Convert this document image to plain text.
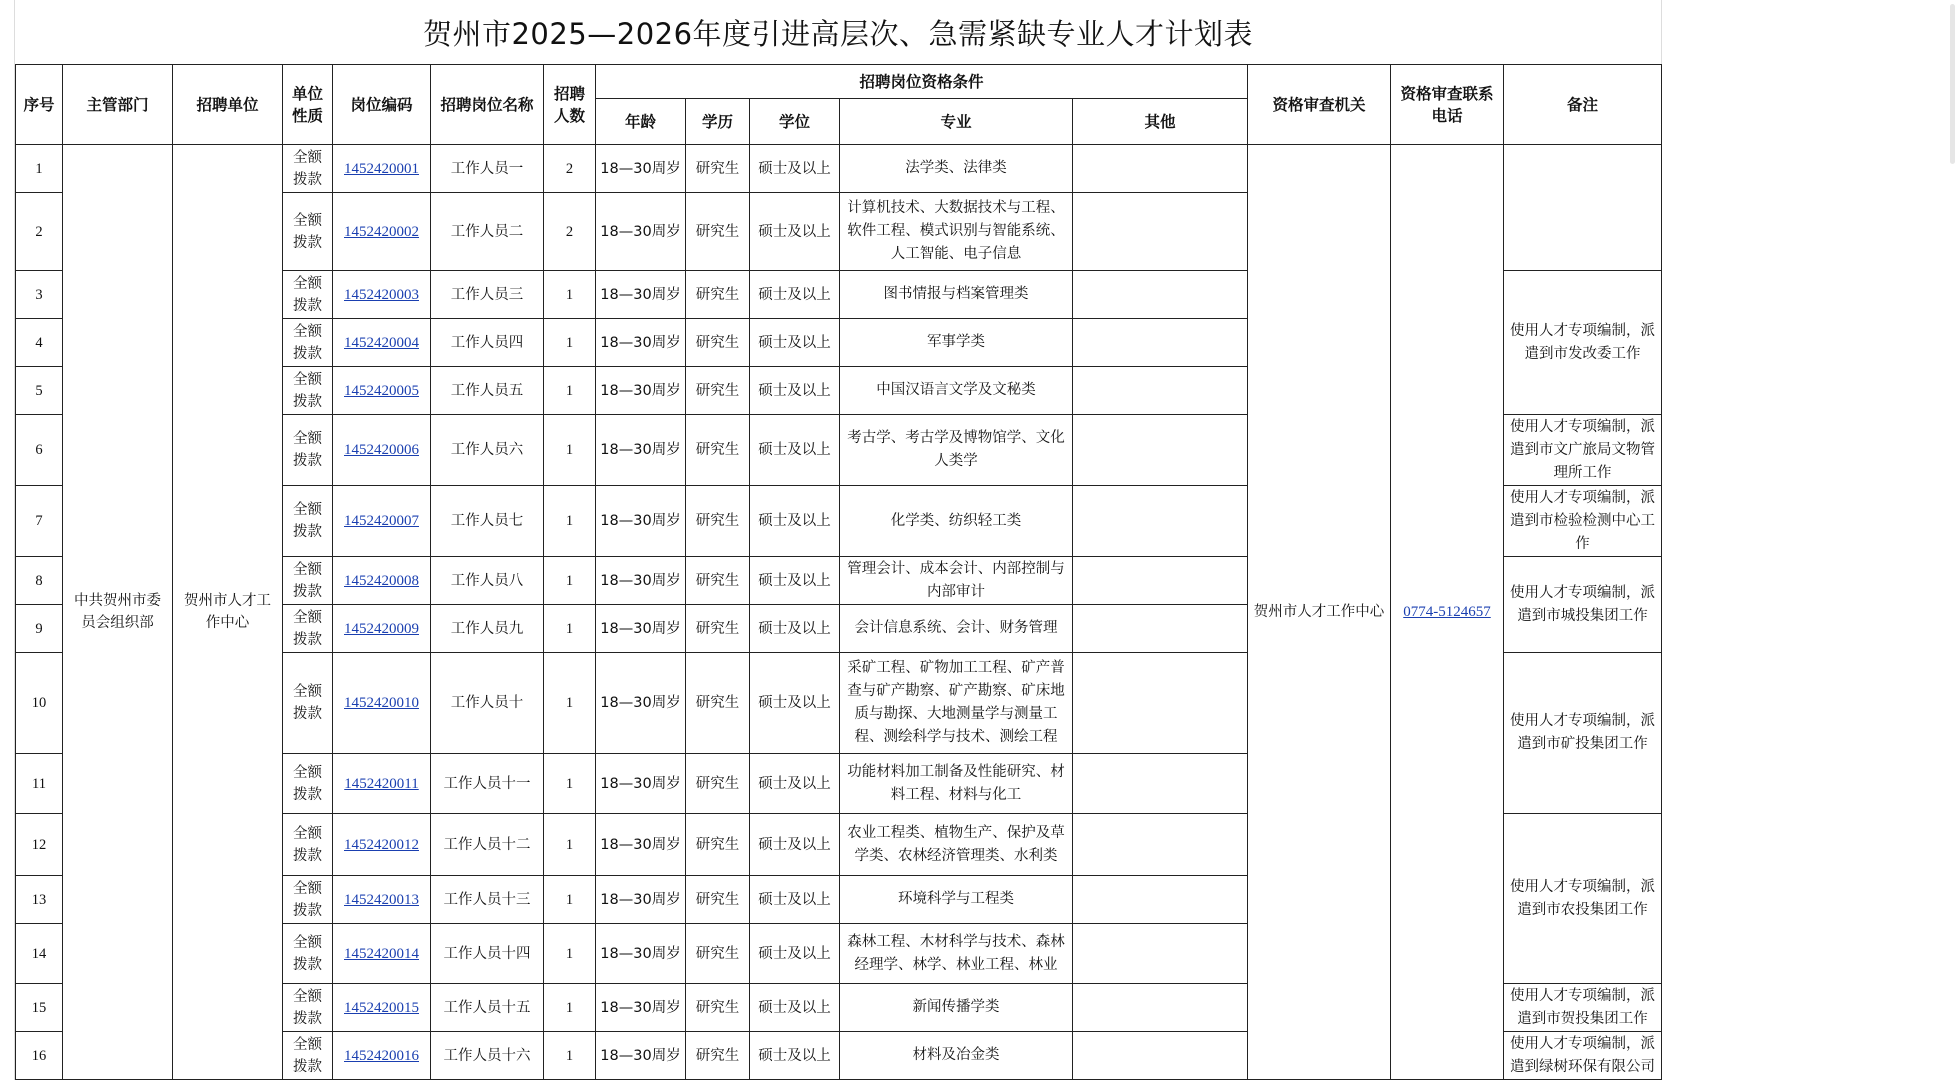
贺州市2025—2026年度引进高层次、急需紧缺专业人才计划表
序号	主管部门	招聘单位	单位性质	岗位编码	招聘岗位名称	招聘人数	招聘岗位资格条件					资格审查机关	资格审查联系电话	备注
							年龄	学历	学位	专业	其他			
1	中共贺州市委员会组织部	贺州市人才工作中心	全额拨款	1452420001	工作人员一	2	18—30周岁	研究生	硕士及以上	法学类、法律类		贺州市人才工作中心	0774-5124657	
2			全额拨款	1452420002	工作人员二	2	18—30周岁	研究生	硕士及以上	计算机技术、大数据技术与工程、软件工程、模式识别与智能系统、人工智能、电子信息				
3			全额拨款	1452420003	工作人员三	1	18—30周岁	研究生	硕士及以上	图书情报与档案管理类				使用人才专项编制，派遣到市发改委工作
4			全额拨款	1452420004	工作人员四	1	18—30周岁	研究生	硕士及以上	军事学类				
5			全额拨款	1452420005	工作人员五	1	18—30周岁	研究生	硕士及以上	中国汉语言文学及文秘类				
6			全额拨款	1452420006	工作人员六	1	18—30周岁	研究生	硕士及以上	考古学、考古学及博物馆学、文化人类学				使用人才专项编制，派遣到市文广旅局文物管理所工作
7			全额拨款	1452420007	工作人员七	1	18—30周岁	研究生	硕士及以上	化学类、纺织轻工类				使用人才专项编制，派遣到市检验检测中心工作
8			全额拨款	1452420008	工作人员八	1	18—30周岁	研究生	硕士及以上	管理会计、成本会计、内部控制与内部审计				使用人才专项编制，派遣到市城投集团工作
9			全额拨款	1452420009	工作人员九	1	18—30周岁	研究生	硕士及以上	会计信息系统、会计、财务管理				
10			全额拨款	1452420010	工作人员十	1	18—30周岁	研究生	硕士及以上	采矿工程、矿物加工工程、矿产普查与矿产勘察、矿产勘察、矿床地质与勘探、大地测量学与测量工程、测绘科学与技术、测绘工程				使用人才专项编制，派遣到市矿投集团工作
11			全额拨款	1452420011	工作人员十一	1	18—30周岁	研究生	硕士及以上	功能材料加工制备及性能研究、材料工程、材料与化工				
12			全额拨款	1452420012	工作人员十二	1	18—30周岁	研究生	硕士及以上	农业工程类、植物生产、保护及草学类、农林经济管理类、水利类				使用人才专项编制，派遣到市农投集团工作
13			全额拨款	1452420013	工作人员十三	1	18—30周岁	研究生	硕士及以上	环境科学与工程类				
14			全额拨款	1452420014	工作人员十四	1	18—30周岁	研究生	硕士及以上	森林工程、木材科学与技术、森林经理学、林学、林业工程、林业				
15			全额拨款	1452420015	工作人员十五	1	18—30周岁	研究生	硕士及以上	新闻传播学类				使用人才专项编制，派遣到市贺投集团工作
16			全额拨款	1452420016	工作人员十六	1	18—30周岁	研究生	硕士及以上	材料及冶金类				使用人才专项编制，派遣到绿树环保有限公司
